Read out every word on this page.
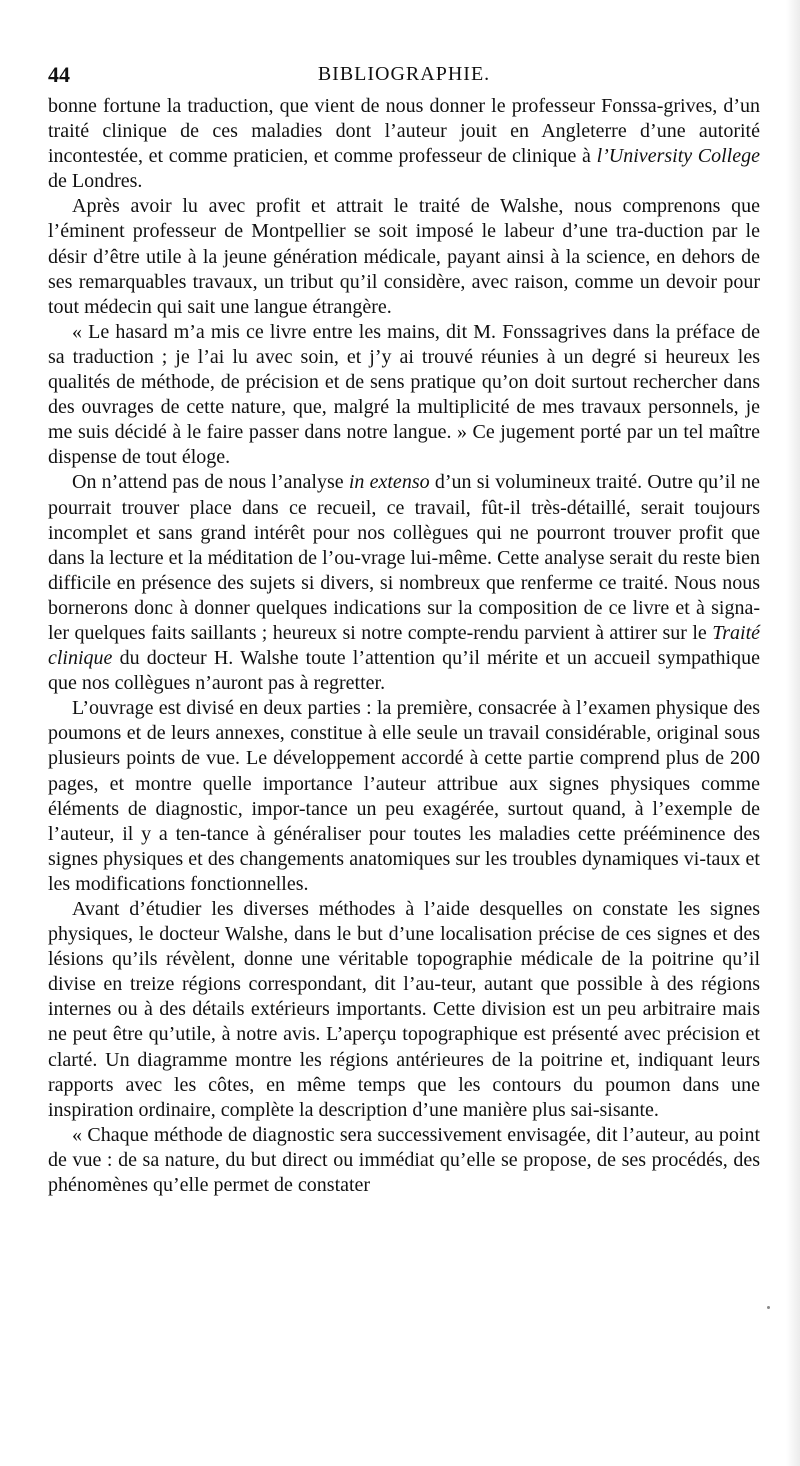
44	BIBLIOGRAPHIE.

bonne fortune la traduction, que vient de nous donner le professeur Fonssa-grives, d’un traité clinique de ces maladies dont l’auteur jouit en Angleterre d’une autorité incontestée, et comme praticien, et comme professeur de clinique à l’University College de Londres.

Après avoir lu avec profit et attrait le traité de Walshe, nous comprenons que l’éminent professeur de Montpellier se soit imposé le labeur d’une tra-duction par le désir d’être utile à la jeune génération médicale, payant ainsi à la science, en dehors de ses remarquables travaux, un tribut qu’il considère, avec raison, comme un devoir pour tout médecin qui sait une langue étrangère.

« Le hasard m’a mis ce livre entre les mains, dit M. Fonssagrives dans la préface de sa traduction ; je l’ai lu avec soin, et j’y ai trouvé réunies à un degré si heureux les qualités de méthode, de précision et de sens pratique qu’on doit surtout rechercher dans des ouvrages de cette nature, que, malgré la multiplicité de mes travaux personnels, je me suis décidé à le faire passer dans notre langue. » Ce jugement porté par un tel maître dispense de tout éloge.

On n’attend pas de nous l’analyse in extenso d’un si volumineux traité. Outre qu’il ne pourrait trouver place dans ce recueil, ce travail, fût-il très-détaillé, serait toujours incomplet et sans grand intérêt pour nos collègues qui ne pourront trouver profit que dans la lecture et la méditation de l’ou-vrage lui-même. Cette analyse serait du reste bien difficile en présence des sujets si divers, si nombreux que renferme ce traité. Nous nous bornerons donc à donner quelques indications sur la composition de ce livre et à signa-ler quelques faits saillants ; heureux si notre compte-rendu parvient à attirer sur le Traité clinique du docteur H. Walshe toute l’attention qu’il mérite et un accueil sympathique que nos collègues n’auront pas à regretter.

L’ouvrage est divisé en deux parties : la première, consacrée à l’examen physique des poumons et de leurs annexes, constitue à elle seule un travail considérable, original sous plusieurs points de vue. Le développement accordé à cette partie comprend plus de 200 pages, et montre quelle importance l’auteur attribue aux signes physiques comme éléments de diagnostic, impor-tance un peu exagérée, surtout quand, à l’exemple de l’auteur, il y a ten-tance à généraliser pour toutes les maladies cette prééminence des signes physiques et des changements anatomiques sur les troubles dynamiques vi-taux et les modifications fonctionnelles.

Avant d’étudier les diverses méthodes à l’aide desquelles on constate les signes physiques, le docteur Walshe, dans le but d’une localisation précise de ces signes et des lésions qu’ils révèlent, donne une véritable topographie médicale de la poitrine qu’il divise en treize régions correspondant, dit l’au-teur, autant que possible à des régions internes ou à des détails extérieurs importants. Cette division est un peu arbitraire mais ne peut être qu’utile, à notre avis. L’aperçu topographique est présenté avec précision et clarté. Un diagramme montre les régions antérieures de la poitrine et, indiquant leurs rapports avec les côtes, en même temps que les contours du poumon dans une inspiration ordinaire, complète la description d’une manière plus sai-sisante.

« Chaque méthode de diagnostic sera successivement envisagée, dit l’auteur, au point de vue : de sa nature, du but direct ou immédiat qu’elle se propose, de ses procédés, des phénomènes qu’elle permet de constater
